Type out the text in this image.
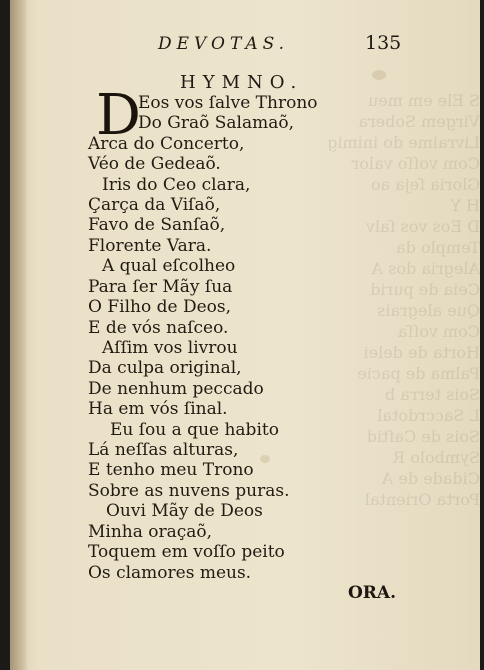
S Ele em meu
Virgem Sobera
Livraime do inimig
Com voſſo valor
Gloria ſeja ao
H Y
D Eos vos ſalv
Templo da
Alegria dos A
Ceia de purid
Que alegrais
Com voſſa
Horta de delei
Palma de pacie
Sois terra b
L Saccrdotal
Sois de Caſtid
Symbolo R
Cidade de A
Porta Oriental
DEVOTAS.	135
HYMNO.
D
Eos vos ſalve Throno
Do Graõ Salamaõ,
Arca do Concerto,
Véo de Gedeaõ.
Iris do Ceo clara,
Çarça da Viſaõ,
Favo de Sanſaõ,
Florente Vara.
A qual eſcolheo
Para ſer Mãy ſua
O Filho de Deos,
E de vós naſceo.
Aſſim vos livrou
Da culpa original,
De nenhum peccado
Ha em vós ſinal.
Eu ſou a que habito
Lá neſſas alturas,
E tenho meu Trono
Sobre as nuvens puras.
Ouvi Mãy de Deos
Minha oraçaõ,
Toquem em voſſo peito
Os clamores meus.
ORA.
